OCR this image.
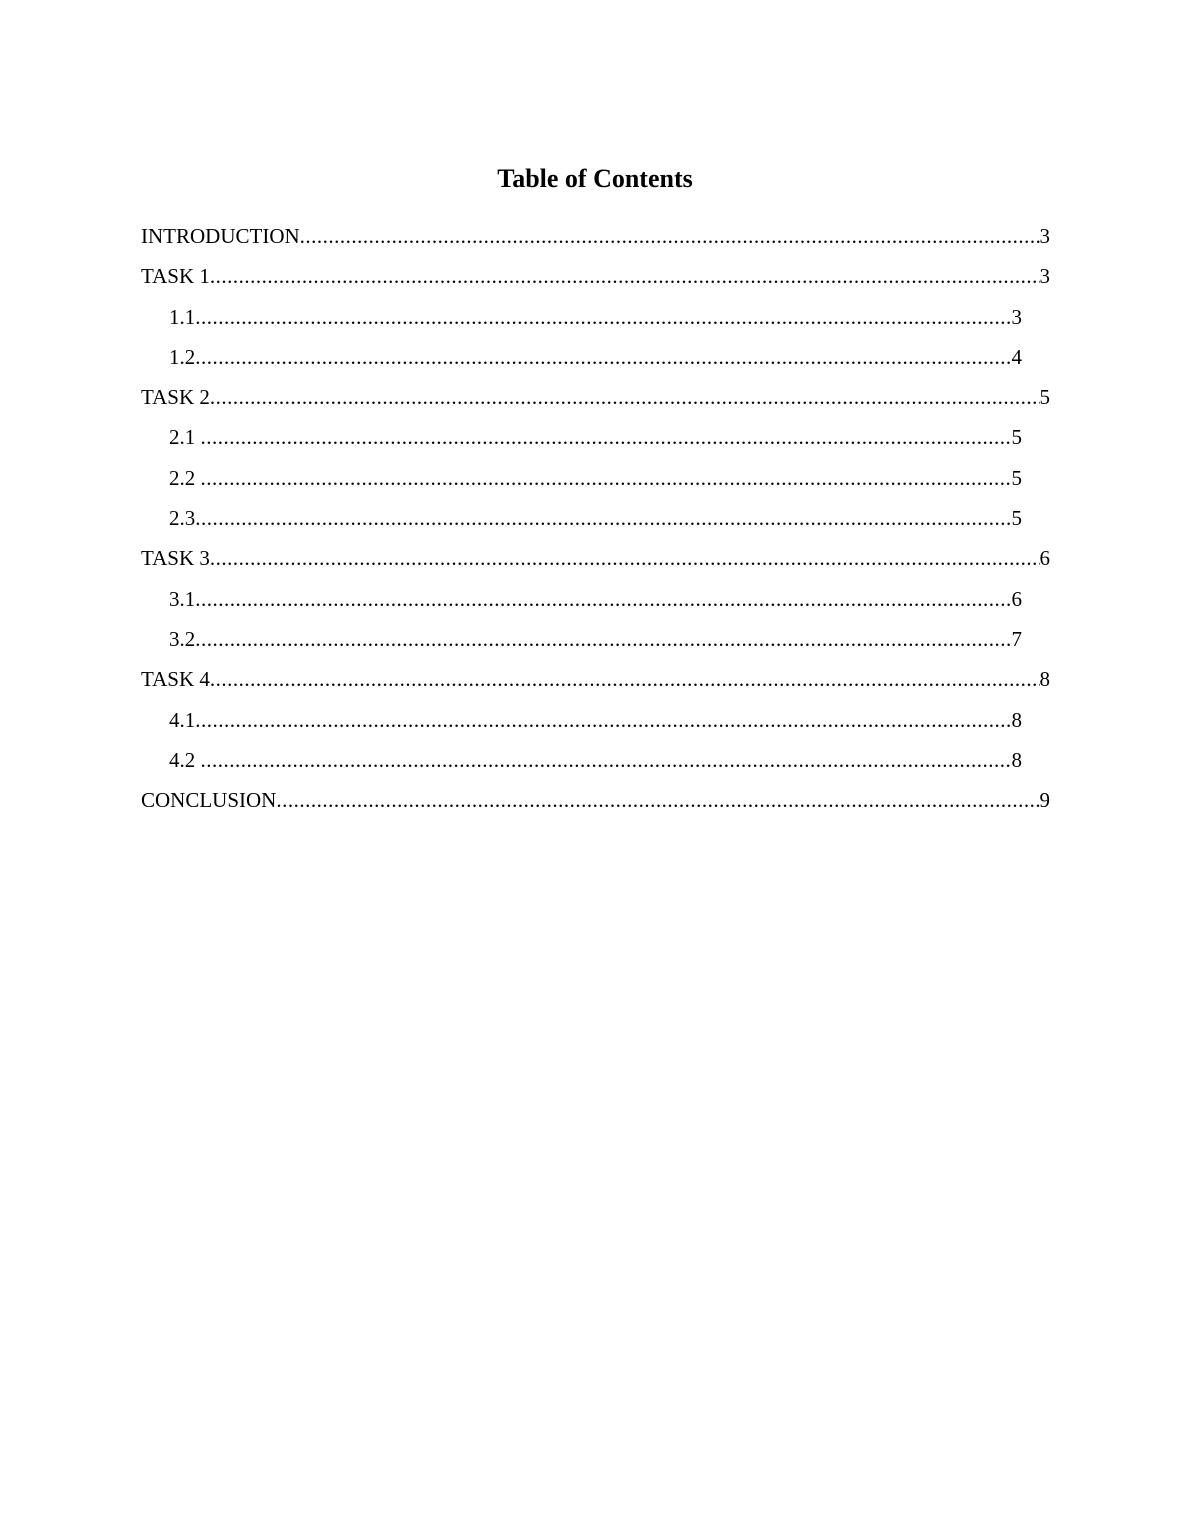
Table of Contents
INTRODUCTION .....	3
TASK 1 .....	3
1.1 .....	3
1.2 .....	4
TASK 2 .....	5
2.1 .....	5
2.2 .....	5
2.3 .....	5
TASK 3 .....	6
3.1 .....	6
3.2 .....	7
TASK 4 .....	8
4.1 .....	8
4.2 .....	8
CONCLUSION .....	9
